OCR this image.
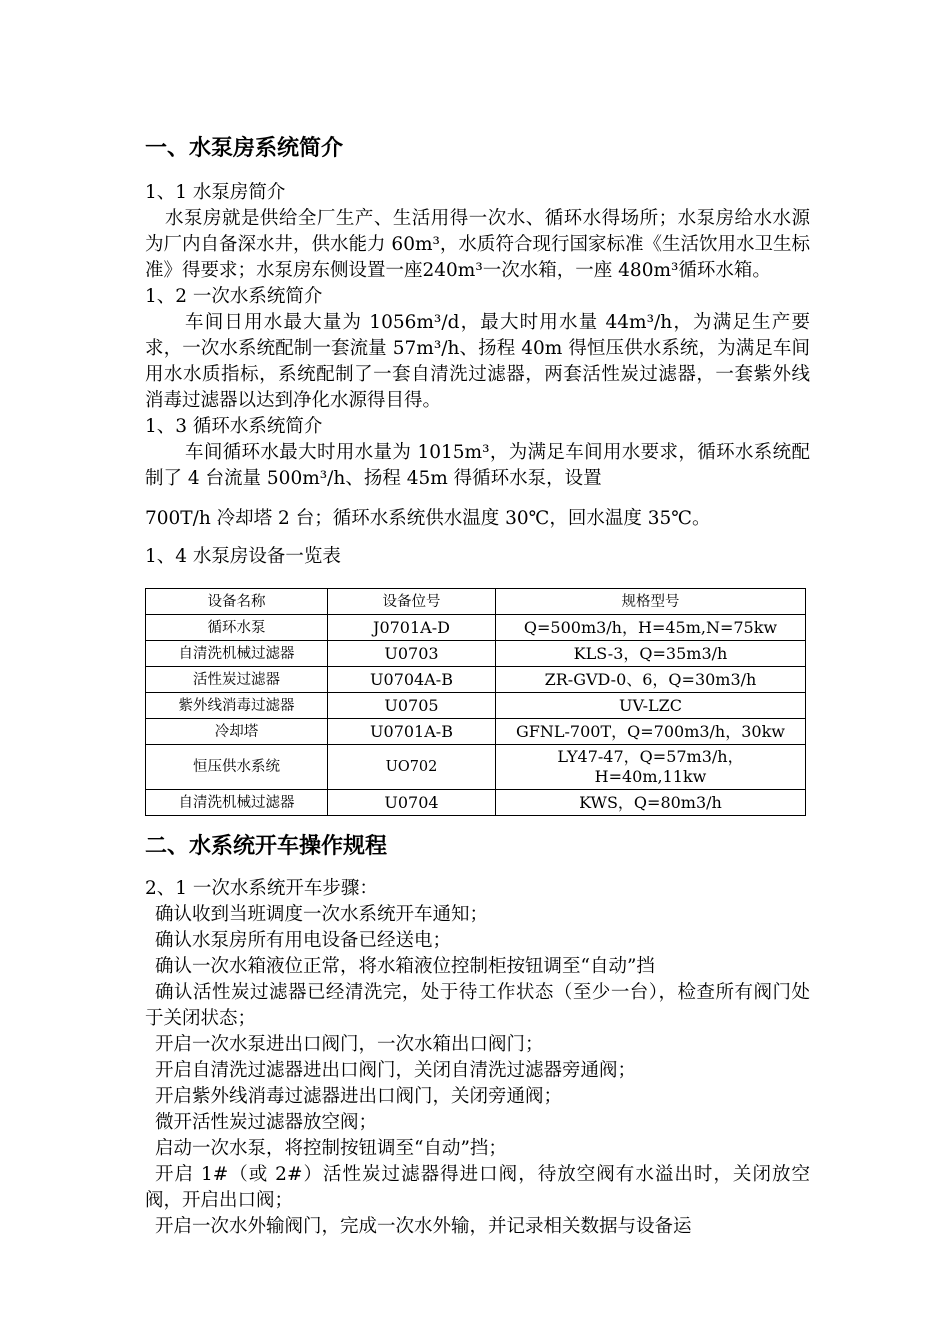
一、水泵房系统简介

1、1 水泵房简介

水泵房就是供给全厂生产、生活用得一次水、循环水得场所；水泵房给水水源为厂内自备深水井，供水能力 60m³，水质符合现行国家标准《生活饮用水卫生标准》得要求；水泵房东侧设置一座240m³一次水箱，一座 480m³循环水箱。

1、2 一次水系统简介

车间日用水最大量为 1056m³/d，最大时用水量 44m³/h，为满足生产要求，一次水系统配制一套流量 57m³/h、扬程 40m 得恒压供水系统，为满足车间用水水质指标，系统配制了一套自清洗过滤器，两套活性炭过滤器，一套紫外线消毒过滤器以达到净化水源得目得。

1、3 循环水系统简介

车间循环水最大时用水量为 1015m³，为满足车间用水要求，循环水系统配制了 4 台流量 500m³/h、扬程 45m 得循环水泵，设置

700T/h 冷却塔 2 台；循环水系统供水温度 30℃，回水温度 35℃。

1、4 水泵房设备一览表

设备名称	设备位号	规格型号
循环水泵	J0701A-D	Q=500m3/h，H=45m,N=75kw
自清洗机械过滤器	U0703	KLS-3，Q=35m3/h
活性炭过滤器	U0704A-B	ZR-GVD-0、6，Q=30m3/h
紫外线消毒过滤器	U0705	UV-LZC
冷却塔	U0701A-B	GFNL-700T，Q=700m3/h，30kw
恒压供水系统	UO702	LY47-47，Q=57m3/h，H=40m,11kw
自清洗机械过滤器	U0704	KWS，Q=80m3/h
二、水系统开车操作规程

2、1 一次水系统开车步骤：

确认收到当班调度一次水系统开车通知；

确认水泵房所有用电设备已经送电；

确认一次水箱液位正常，将水箱液位控制柜按钮调至“自动”挡

确认活性炭过滤器已经清洗完，处于待工作状态（至少一台），检查所有阀门处于关闭状态；

开启一次水泵进出口阀门，一次水箱出口阀门；

开启自清洗过滤器进出口阀门，关闭自清洗过滤器旁通阀；

开启紫外线消毒过滤器进出口阀门，关闭旁通阀；

微开活性炭过滤器放空阀；

启动一次水泵，将控制按钮调至“自动”挡；

开启 1#（或 2#）活性炭过滤器得进口阀，待放空阀有水溢出时，关闭放空阀，开启出口阀；

开启一次水外输阀门，完成一次水外输，并记录相关数据与设备运
